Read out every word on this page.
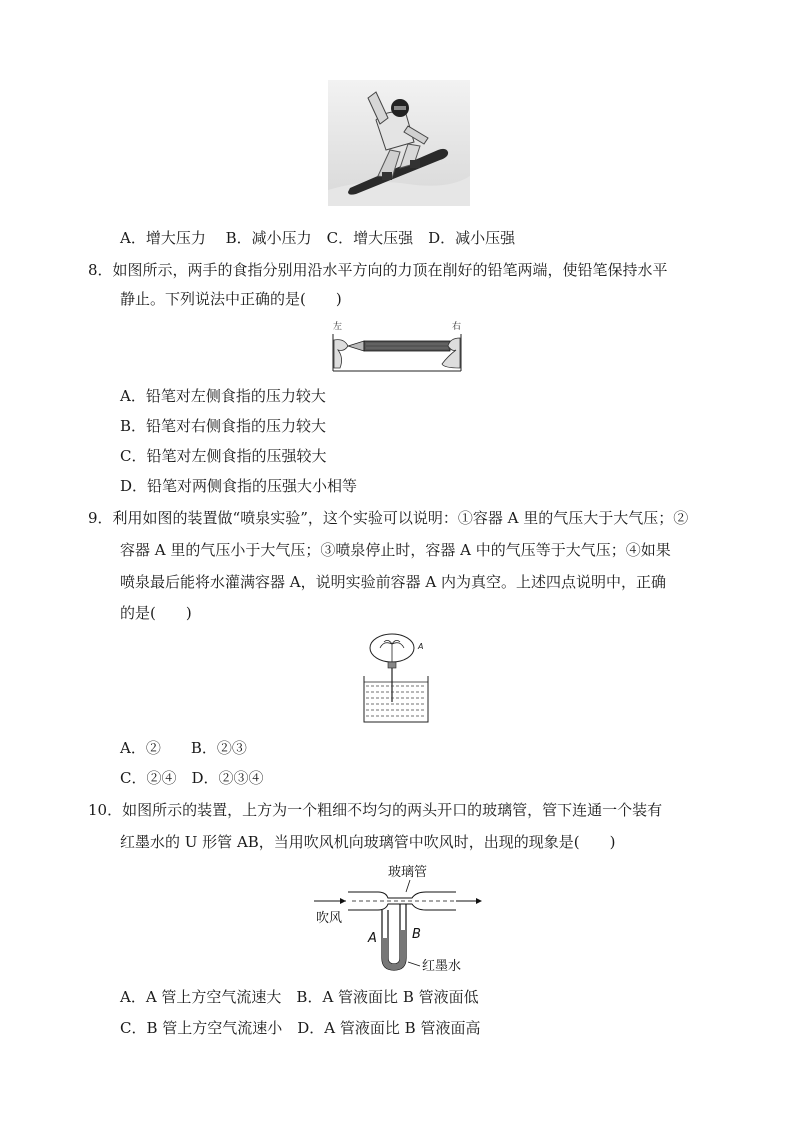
A．增大压力　 B．减小压力　C．增大压强　D．减小压强
8．如图所示，两手的食指分别用沿水平方向的力顶在削好的铅笔两端，使铅笔保持水平
静止。下列说法中正确的是(　　)
左	右
A．铅笔对左侧食指的压力较大
B．铅笔对右侧食指的压力较大
C．铅笔对左侧食指的压强较大
D．铅笔对两侧食指的压强大小相等
9．利用如图的装置做“喷泉实验”，这个实验可以说明：①容器 A 里的气压大于大气压；②
容器 A 里的气压小于大气压；③喷泉停止时，容器 A 中的气压等于大气压；④如果
喷泉最后能将水灌满容器 A，说明实验前容器 A 内为真空。上述四点说明中，正确
的是(　　)
A
A．②　　B．②③
C．②④　D．②③④
10．如图所示的装置，上方为一个粗细不均匀的两头开口的玻璃管，管下连通一个装有
红墨水的 U 形管 AB，当用吹风机向玻璃管中吹风时，出现的现象是(　　)
玻璃管
吹风
A	B
红墨水
A．A 管上方空气流速大　B．A 管液面比 B 管液面低
C．B 管上方空气流速小　D．A 管液面比 B 管液面高
